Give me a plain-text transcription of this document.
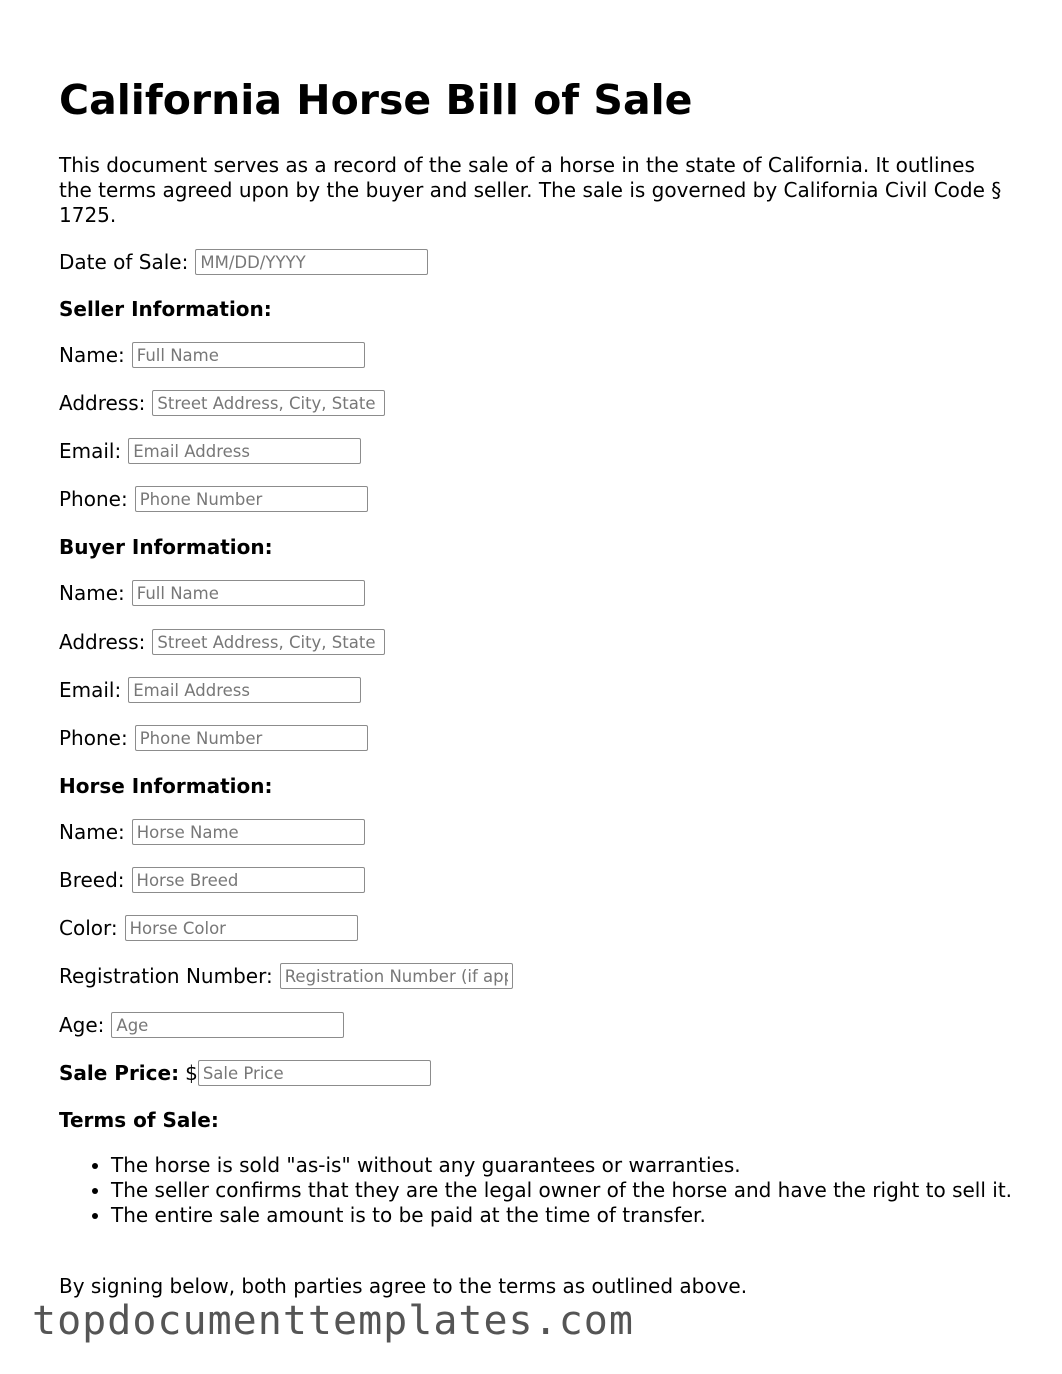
California Horse Bill of Sale

This document serves as a record of the sale of a horse in the state of California. It outlines the terms agreed upon by the buyer and seller. The sale is governed by California Civil Code § 1725.

Date of Sale:
MM/DD/YYYY

Seller Information:

Name:
Full Name
Address:
Street Address, City, State
Email:
Email Address
Phone:
Phone Number

Buyer Information:

Name:
Full Name
Address:
Street Address, City, State
Email:
Email Address
Phone:
Phone Number

Horse Information:

Name:
Horse Name
Breed:
Horse Breed
Color:
Horse Color
Registration Number:
Registration Number (if applicable)
Age:
Age
Sale Price: $
Sale Price

Terms of Sale:

• The horse is sold "as-is" without any guarantees or warranties.
• The seller confirms that they are the legal owner of the horse and have the right to sell it.
• The entire sale amount is to be paid at the time of transfer.

By signing below, both parties agree to the terms as outlined above.

topdocumenttemplates.com
